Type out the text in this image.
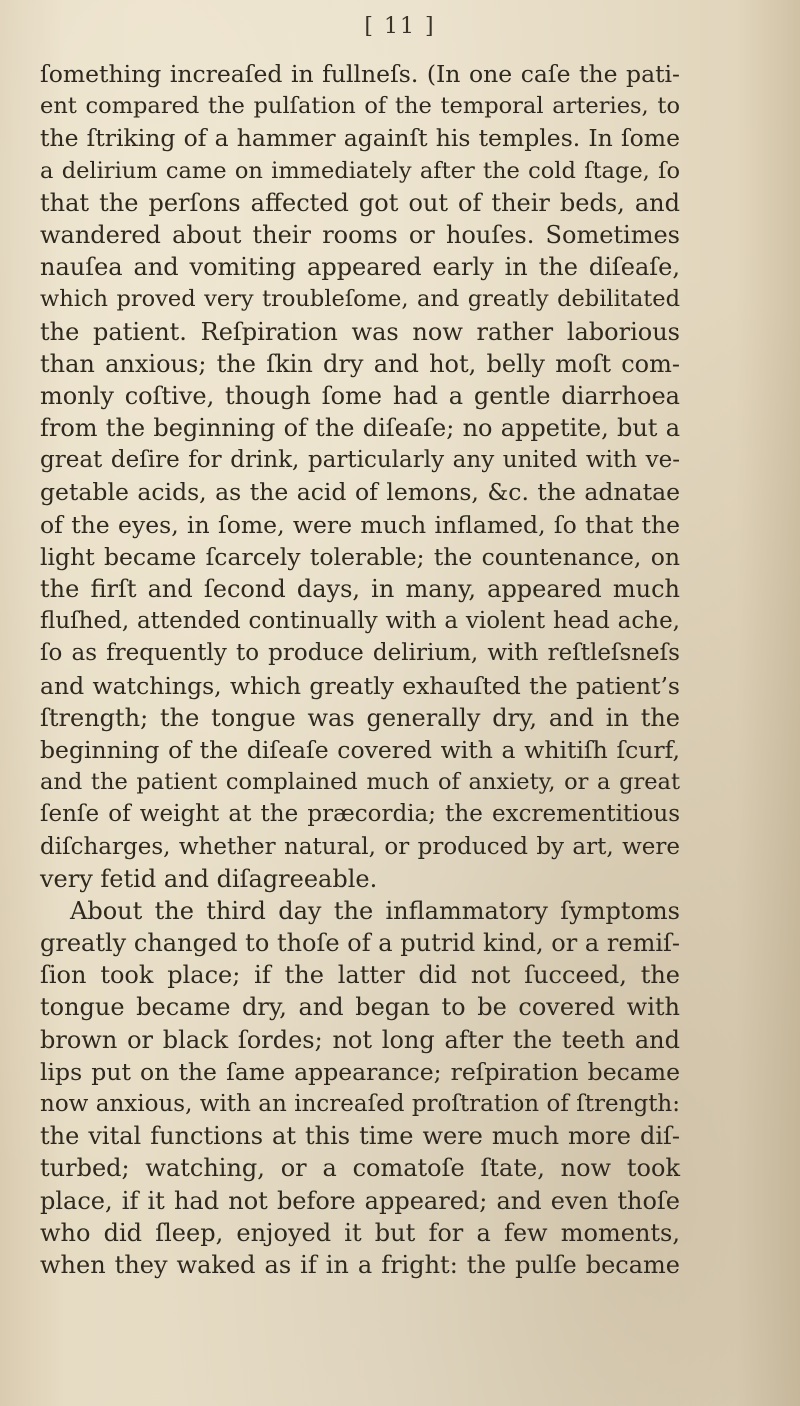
[ 11 ]
ſomething increaſed in fullneſs. (In one caſe the pati-
ent compared the pulſation of the temporal arteries, to
the ſtriking of a hammer againſt his temples. In ſome
a delirium came on immediately after the cold ſtage, ſo
that the perſons affected got out of their beds, and
wandered about their rooms or houſes. Sometimes
nauſea and vomiting appeared early in the diſeaſe,
which proved very troubleſome, and greatly debilitated
the patient. Reſpiration was now rather laborious
than anxious; the ſkin dry and hot, belly moſt com-
monly coſtive, though ſome had a gentle diarrhoea
from the beginning of the diſeaſe; no appetite, but a
great deſire for drink, particularly any united with ve-
getable acids, as the acid of lemons, &c. the adnatae
of the eyes, in ſome, were much inflamed, ſo that the
light became ſcarcely tolerable; the countenance, on
the firſt and ſecond days, in many, appeared much
fluſhed, attended continually with a violent head ache,
ſo as frequently to produce delirium, with reſtleſsneſs
and watchings, which greatly exhauſted the patient’s
ſtrength; the tongue was generally dry, and in the
beginning of the diſeaſe covered with a whitiſh ſcurf,
and the patient complained much of anxiety, or a great
ſenſe of weight at the præcordia; the excrementitious
diſcharges, whether natural, or produced by art, were
very fetid and diſagreeable.
About the third day the inflammatory ſymptoms
greatly changed to thoſe of a putrid kind, or a remiſ-
ſion took place; if the latter did not ſucceed, the
tongue became dry, and began to be covered with
brown or black ſordes; not long after the teeth and
lips put on the ſame appearance; reſpiration became
now anxious, with an increaſed proſtration of ſtrength:
the vital functions at this time were much more diſ-
turbed; watching, or a comatoſe ſtate, now took
place, if it had not before appeared; and even thoſe
who did ſleep, enjoyed it but for a few moments,
when they waked as if in a fright: the pulſe became
